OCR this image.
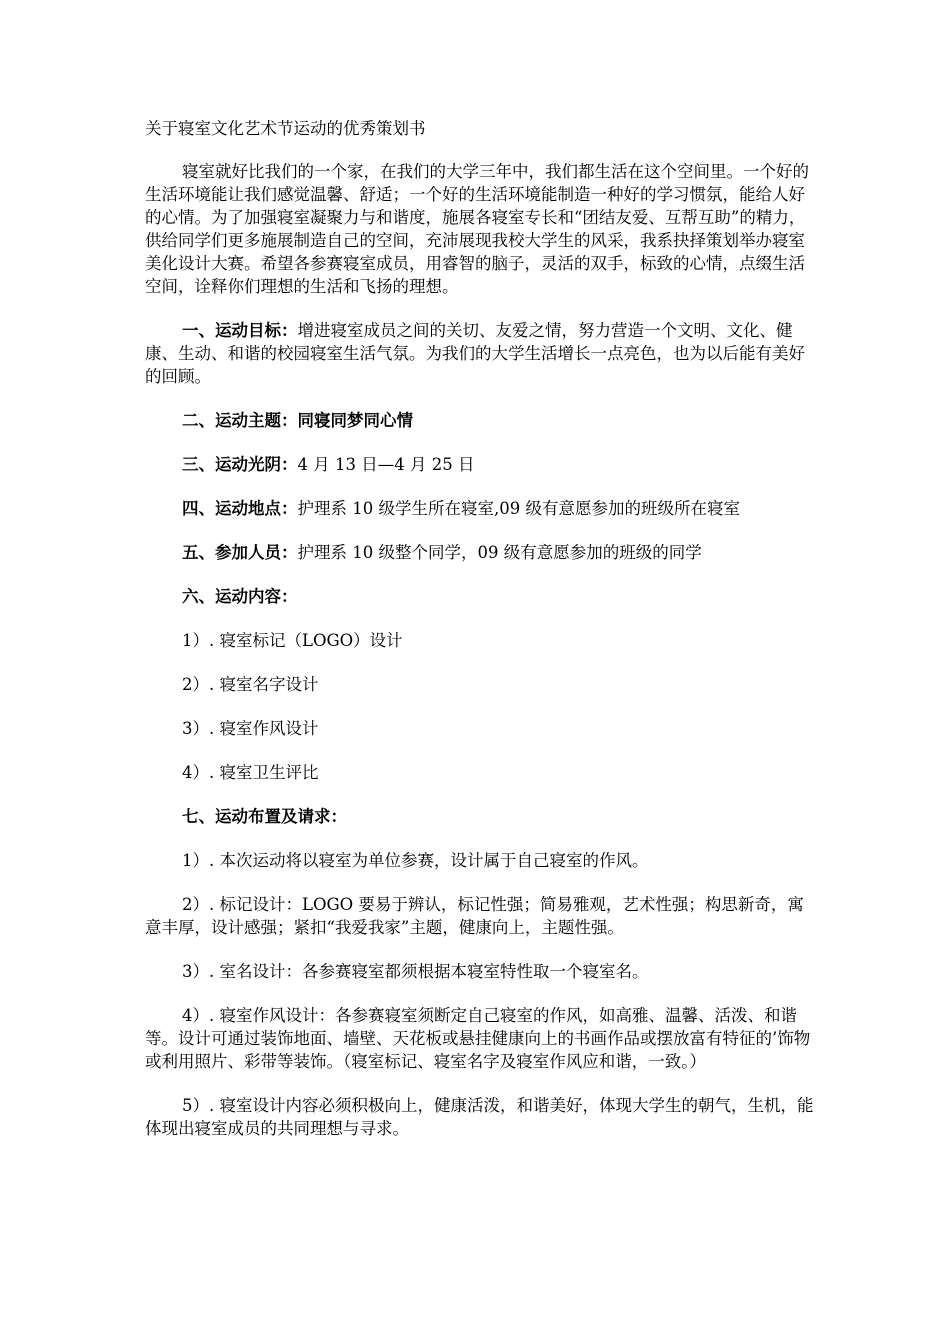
关于寝室文化艺术节运动的优秀策划书

寝室就好比我们的一个家，在我们的大学三年中，我们都生活在这个空间里。一个好的生活环境能让我们感觉温馨、舒适；一个好的生活环境能制造一种好的学习惯氛，能给人好的心情。为了加强寝室凝聚力与和谐度，施展各寝室专长和“团结友爱、互帮互助”的精力，供给同学们更多施展制造自己的空间，充沛展现我校大学生的风采，我系抉择策划举办寝室美化设计大赛。希望各参赛寝室成员，用睿智的脑子，灵活的双手，标致的心情，点缀生活空间，诠释你们理想的生活和飞扬的理想。

一、运动目标：增进寝室成员之间的关切、友爱之情，努力营造一个文明、文化、健康、生动、和谐的校园寝室生活气氛。为我们的大学生活增长一点亮色，也为以后能有美好的回顾。

二、运动主题：同寝同梦同心情

三、运动光阴：4 月 13 日—4 月 25 日

四、运动地点：护理系 10 级学生所在寝室,09 级有意愿参加的班级所在寝室

五、参加人员：护理系 10 级整个同学，09 级有意愿参加的班级的同学

六、运动内容：

1）. 寝室标记（LOGO）设计

2）. 寝室名字设计

3）. 寝室作风设计

4）. 寝室卫生评比

七、运动布置及请求：

1）. 本次运动将以寝室为单位参赛，设计属于自己寝室的作风。

2）. 标记设计：LOGO 要易于辨认，标记性强；简易雅观，艺术性强；构思新奇，寓意丰厚，设计感强；紧扣“我爱我家”主题，健康向上，主题性强。

3）. 室名设计：各参赛寝室都须根据本寝室特性取一个寝室名。

4）. 寝室作风设计：各参赛寝室须断定自己寝室的作风，如高雅、温馨、活泼、和谐等。设计可通过装饰地面、墙壁、天花板或悬挂健康向上的书画作品或摆放富有特征的’饰物或利用照片、彩带等装饰。（寝室标记、寝室名字及寝室作风应和谐，一致。）

5）. 寝室设计内容必须积极向上，健康活泼，和谐美好，体现大学生的朝气，生机，能体现出寝室成员的共同理想与寻求。
